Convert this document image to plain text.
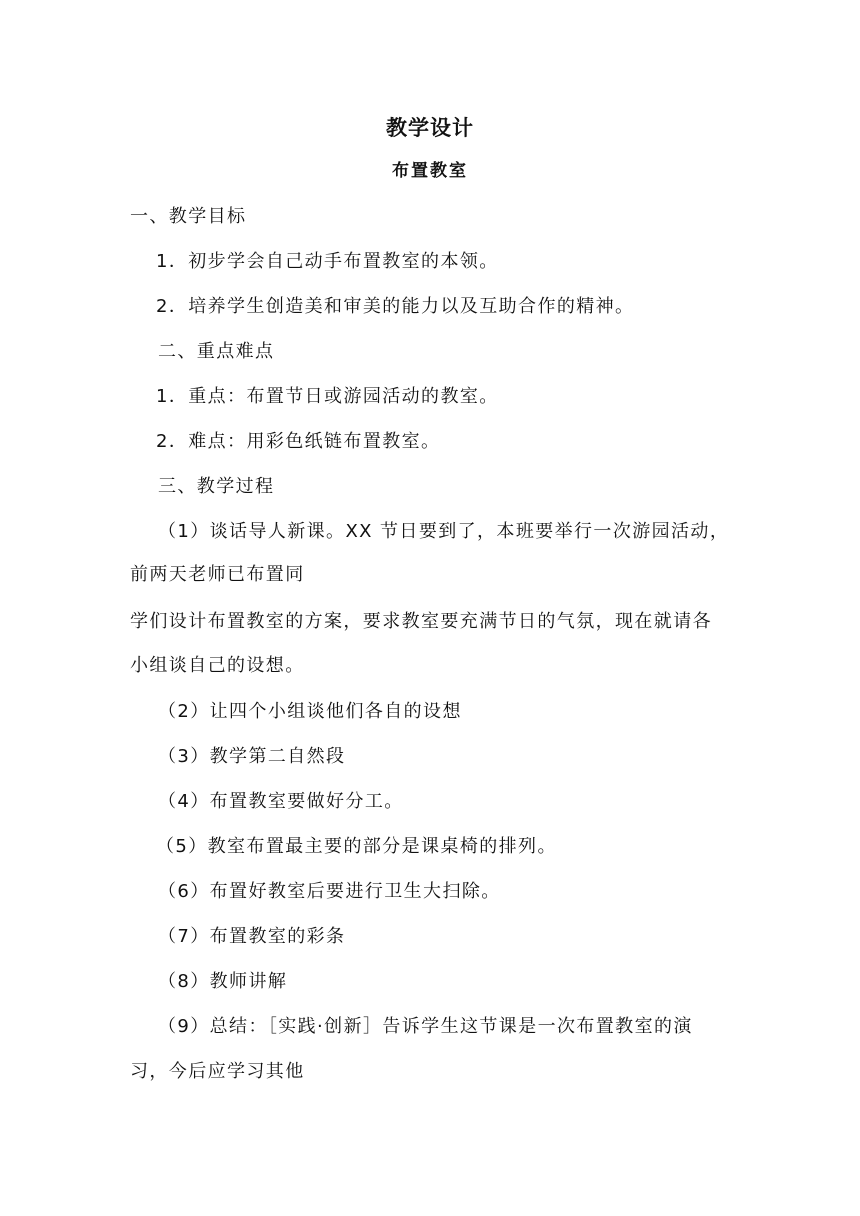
教学设计
布置教室
一、教学目标
1．初步学会自己动手布置教室的本领。
2．培养学生创造美和审美的能力以及互助合作的精神。
二、重点难点
1．重点：布置节日或游园活动的教室。
2．难点：用彩色纸链布置教室。
三、教学过程
（1）谈话导人新课。XX 节日要到了，本班要举行一次游园活动，
前两天老师已布置同
学们设计布置教室的方案，要求教室要充满节日的气氛，现在就请各
小组谈自己的设想。
（2）让四个小组谈他们各自的设想
（3）教学第二自然段
（4）布置教室要做好分工。
（5）教室布置最主要的部分是课桌椅的排列。
（6）布置好教室后要进行卫生大扫除。
（7）布置教室的彩条
（8）教师讲解
（9）总结：［实践·创新］告诉学生这节课是一次布置教室的演
习，今后应学习其他
